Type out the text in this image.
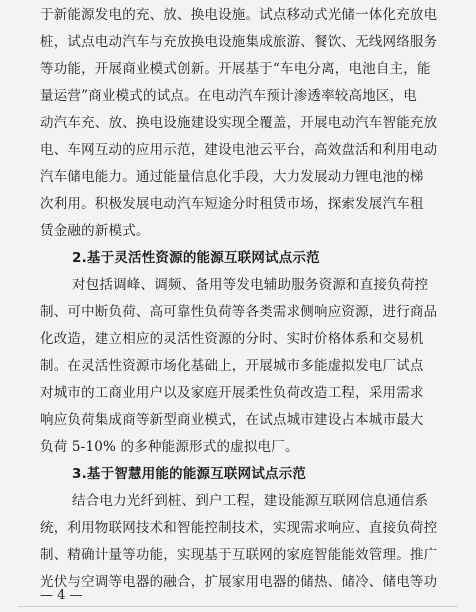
于新能源发电的充、放、换电设施。试点移动式光储一体化充放电
桩，试点电动汽车与充放换电设施集成旅游、餐饮、无线网络服务
等功能，开展商业模式创新。开展基于“车电分离，电池自主，能
量运营”商业模式的试点。在电动汽车预计渗透率较高地区，电
动汽车充、放、换电设施建设实现全覆盖，开展电动汽车智能充放
电、车网互动的应用示范，建设电池云平台，高效盘活和利用电动
汽车储电能力。通过能量信息化手段，大力发展动力锂电池的梯
次利用。积极发展电动汽车短途分时租赁市场，探索发展汽车租
赁金融的新模式。
2.基于灵活性资源的能源互联网试点示范
对包括调峰、调频、备用等发电辅助服务资源和直接负荷控
制、可中断负荷、高可靠性负荷等各类需求侧响应资源，进行商品
化改造，建立相应的灵活性资源的分时、实时价格体系和交易机
制。在灵活性资源市场化基础上，开展城市多能虚拟发电厂试点
对城市的工商业用户以及家庭开展柔性负荷改造工程，采用需求
响应负荷集成商等新型商业模式，在试点城市建设占本城市最大
负荷 5-10% 的多种能源形式的虚拟电厂。
3.基于智慧用能的能源互联网试点示范
结合电力光纤到桩、到户工程，建设能源互联网信息通信系
统，利用物联网技术和智能控制技术，实现需求响应、直接负荷控
制、精确计量等功能，实现基于互联网的家庭智能能效管理。推广
光伏与空调等电器的融合，扩展家用电器的储热、储冷、储电等功
— 4 —
